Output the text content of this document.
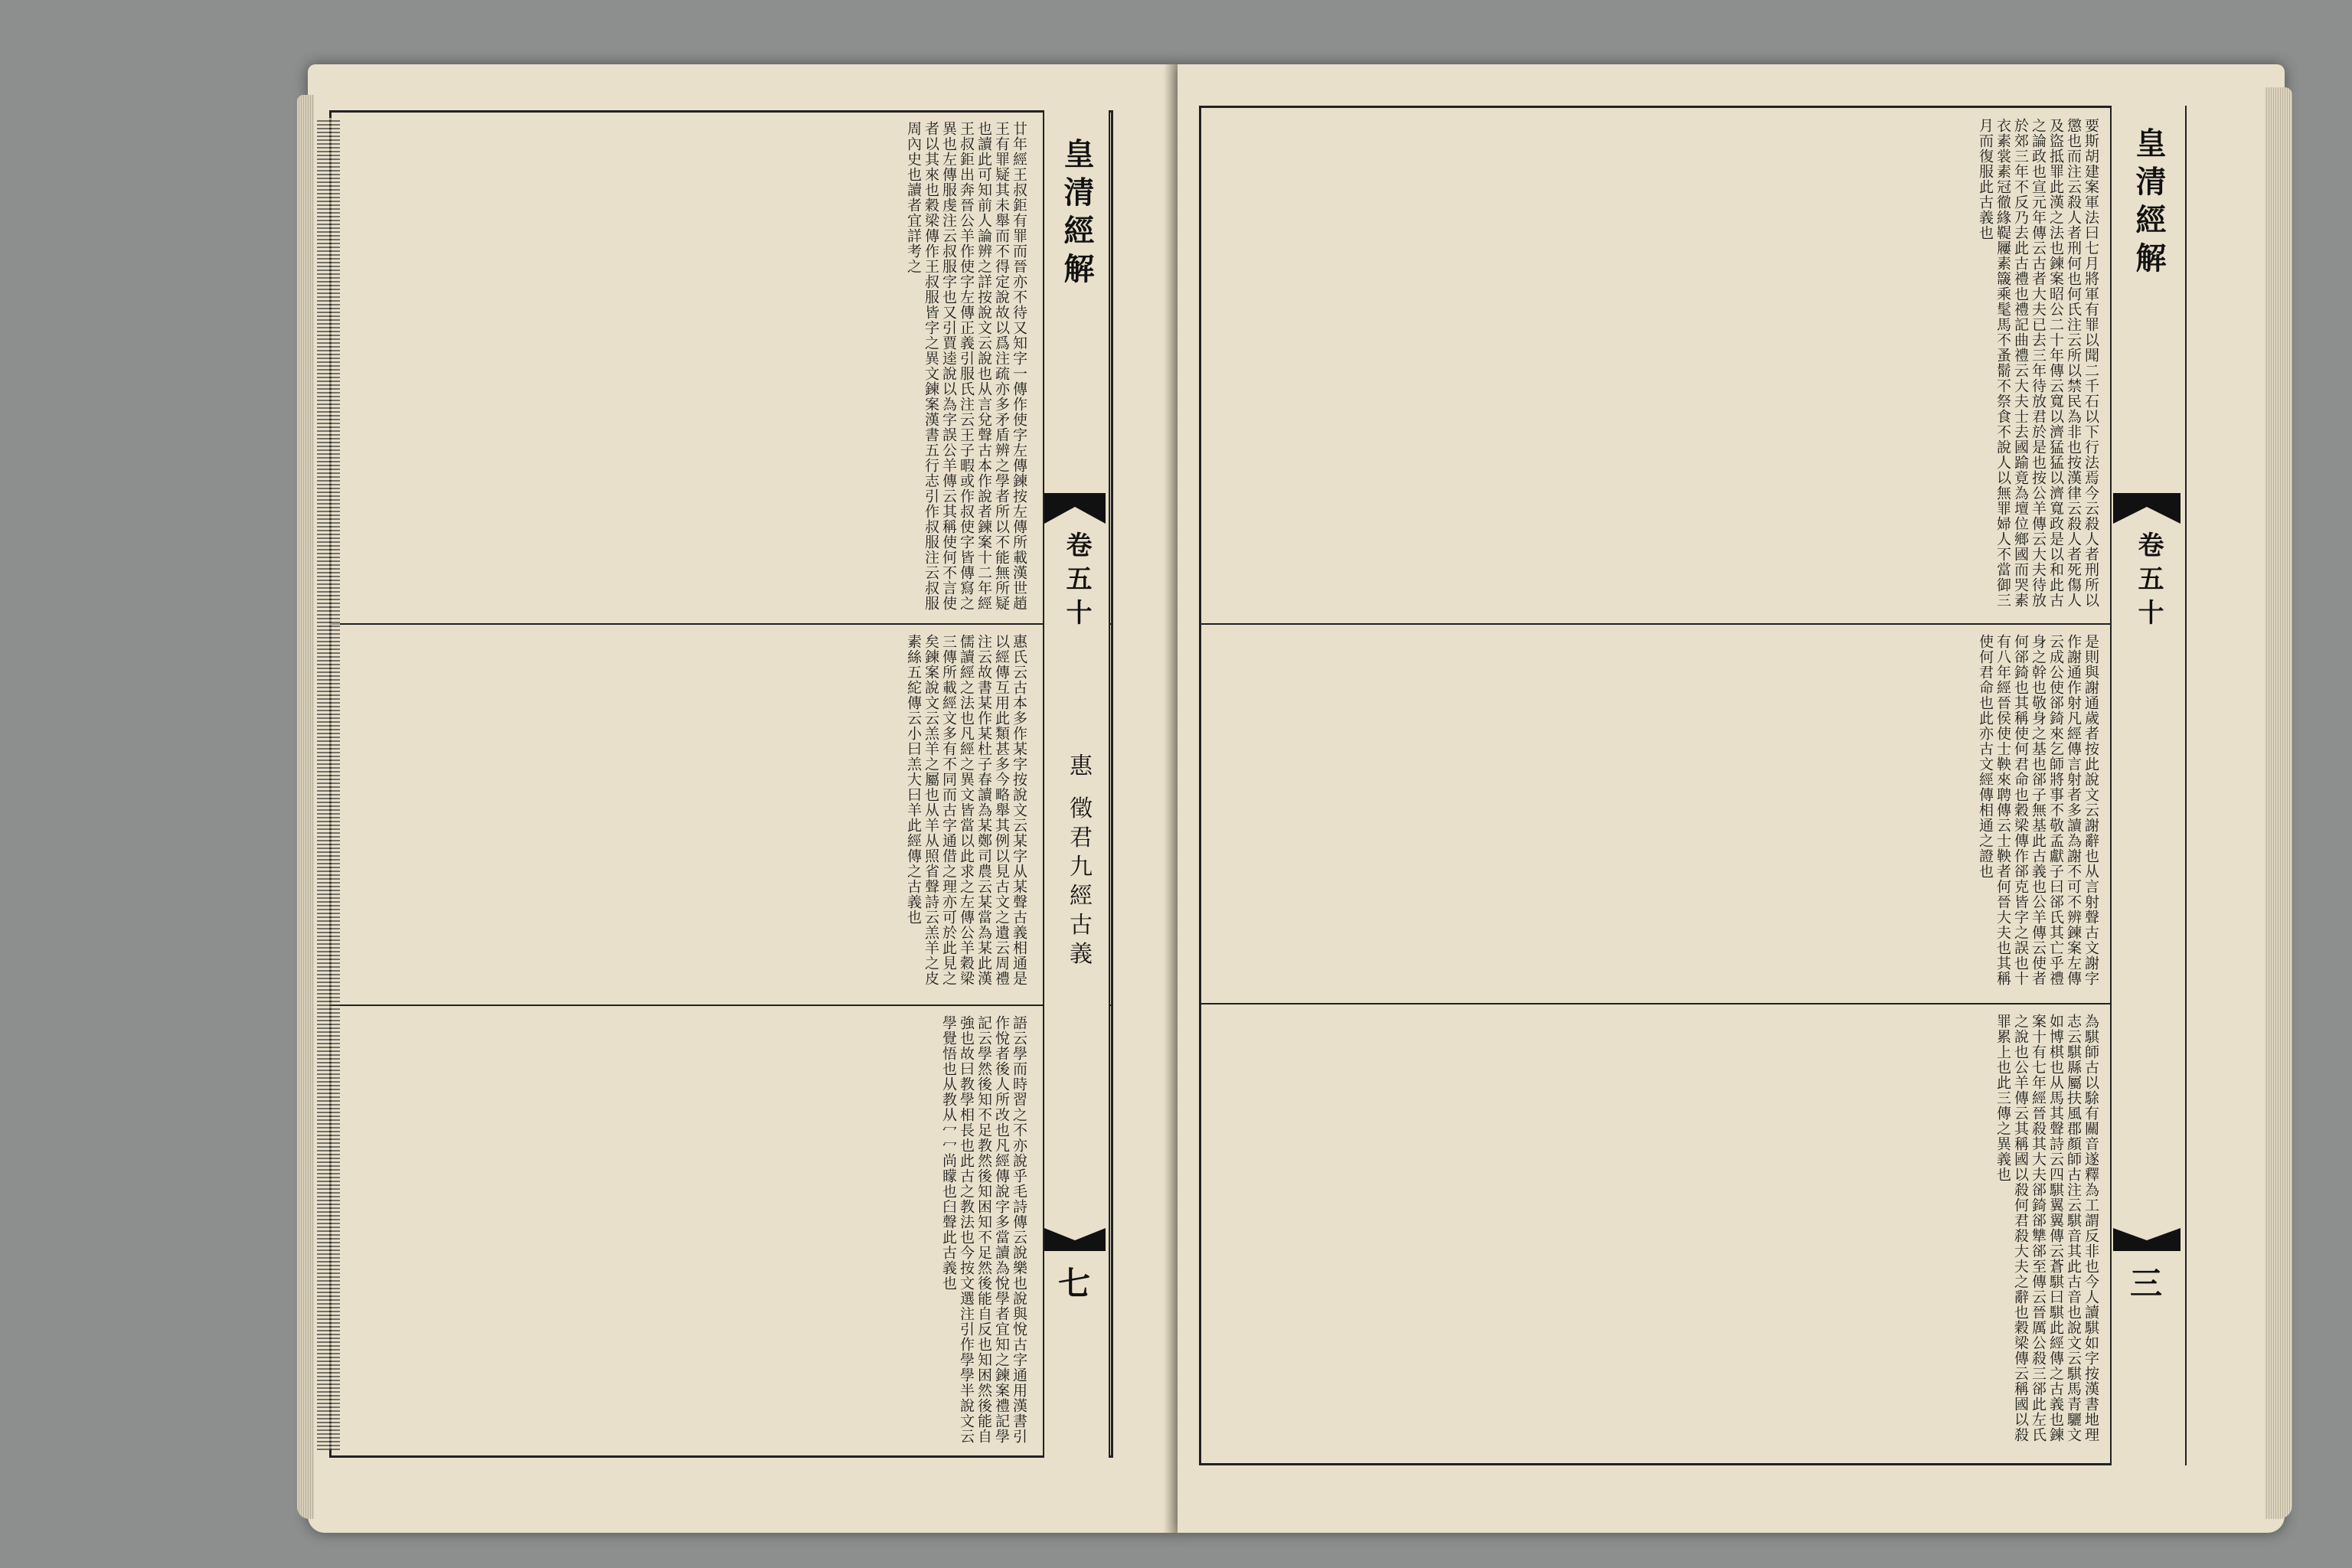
廿年經王叔鉅有罪而晉亦不待又知字一傳作使字左傳鍊按左傳所載漢世趙王有罪疑其未舉而不得定說故以爲注疏亦多矛盾辨之學者所以不能無所疑也讀此可知前人論辨之詳按說文云說也从言兌聲古本作說者鍊案十二年經王叔鉅出奔晉公羊作使字左傳正義引服氏注云王子暇或作叔使字皆傳寫之異也左傳服虔注云叔服字也又引賈逵說以為字誤公羊傳云其稱使何不言使者以其來也穀梁傳作王叔服皆字之異文鍊案漢書五行志引作叔服注云叔服周內史也讀者宜詳考之
惠氏云古本多作某字按說文云某字从某聲古義相通是以經傳互用此類甚多今略舉其例以見古文之遺云周禮注云故書某作某杜子春讀為某鄭司農云某當為某此漢儒讀經之法也凡經之異文皆當以此求之左傳公羊穀梁三傳所載經文多有不同而古字通借之理亦可於此見之矣鍊案說文云羔羊之屬也从羊从照省聲詩云羔羊之皮素絲五紽傳云小曰羔大曰羊此經傳之古義也
語云學而時習之不亦說乎毛詩傳云說樂也說與悅古字通用漢書引作悅者後人所改也凡經傳說字多當讀為悅學者宜知之鍊案禮記學記云學然後知不足教然後知困知不足然後能自反也知困然後能自強也故曰教學相長也此古之教法也今按文選注引作學學半說文云學覺悟也从教从冖冖尚矇也臼聲此古義也
皇清經解
卷五十
惠 徵君九經古義
七
要斯胡建案軍法曰七月將軍有罪以聞二千石以下行法焉今云殺人者刑所以懲也而注云殺人者刑何也何氏注云所以禁民為非也按漢律云殺人者死傷人及盜抵罪此漢之法也鍊案昭公二十年傳云寬以濟猛猛以濟寬政是以和此古之論政也宣元年傳云古者大夫已去三年待放君於是也按公羊傳云大夫待放於郊三年不反乃去此古禮也禮記曲禮云大夫士去國踰竟為壇位鄉國而哭素衣素裳素冠徹緣鞮屨素簚乘髦馬不蚤鬋不祭食不說人以無罪婦人不當御三月而復服此古義也
是則與謝通歲者按此說文云謝辭也从言射聲古文謝字作謝通作射凡經傳言射者多讀為謝不可不辨鍊案左傳云成公使郤錡來乞師將事不敬孟獻子曰郤氏其亡乎禮身之幹也敬身之基也郤子無基此古義也公羊傳云使者何郤錡也其稱使何君命也穀梁傳作郤克皆字之誤也十有八年經晉侯使士鞅來聘傳云士鞅者何晉大夫也其稱使何君命也此亦古文經傳相通之證也
為騏師古以駼有關音遂釋為工謂反非也今人讀騏如字按漢書地理志云騏縣屬扶風郡顏師古注云騏音其此古音也說文云騏馬青驪文如博棋也从馬其聲詩云四騏翼翼傳云蒼騏曰騏此經傳之古義也鍊案十有七年經晉殺其大夫郤錡郤犨郤至傳云晉厲公殺三郤此左氏之說也公羊傳云其稱國以殺何君殺大夫之辭也穀梁傳云稱國以殺罪累上也此三傳之異義也
皇清經解
卷五十
三
